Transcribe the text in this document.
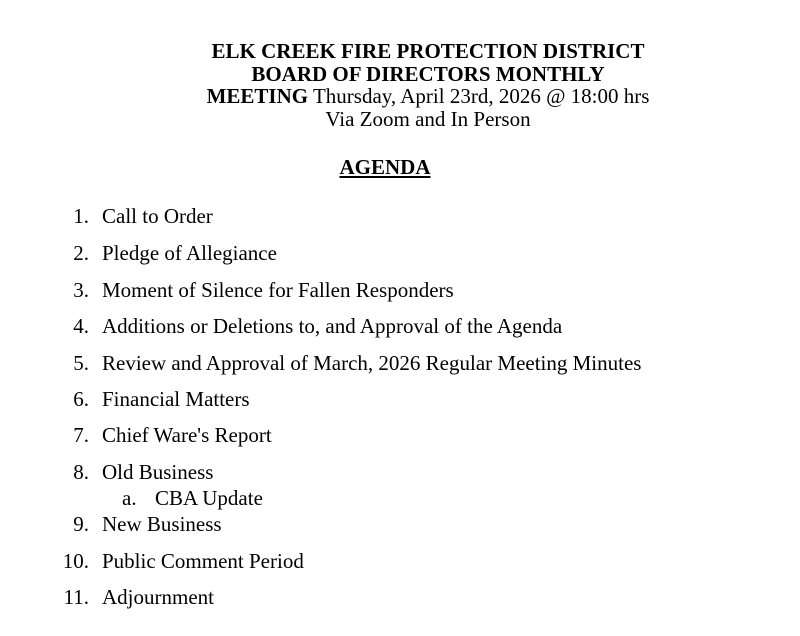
ELK CREEK FIRE PROTECTION DISTRICT
BOARD OF DIRECTORS MONTHLY
MEETING Thursday, April 23rd, 2026 @ 18:00 hrs
Via Zoom and In Person
AGENDA
1. Call to Order
2. Pledge of Allegiance
3. Moment of Silence for Fallen Responders
4. Additions or Deletions to, and Approval of the Agenda
5. Review and Approval of March, 2026 Regular Meeting Minutes
6. Financial Matters
7. Chief Ware's Report
8. Old Business
a. CBA Update
9. New Business
10. Public Comment Period
11. Adjournment
